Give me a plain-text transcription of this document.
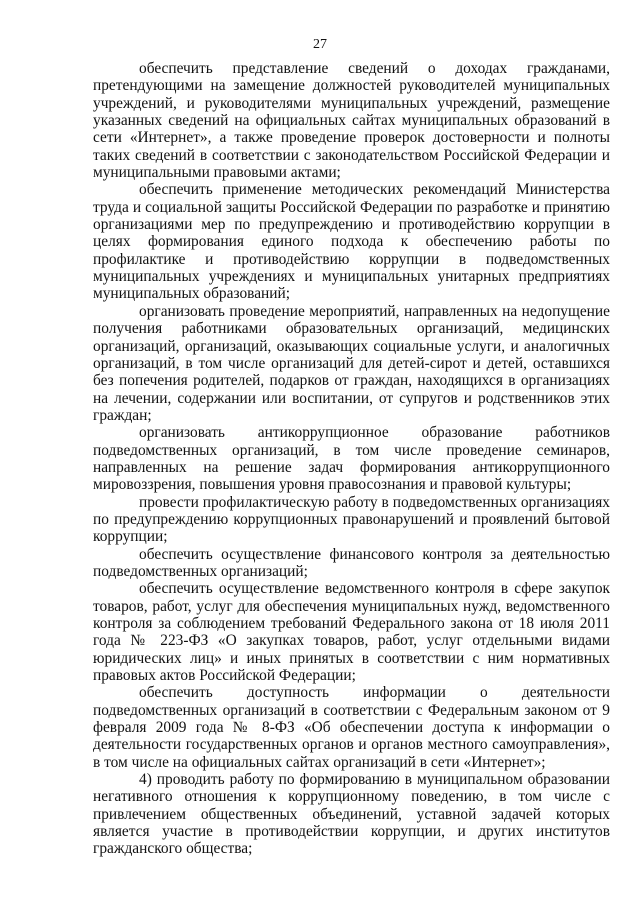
27

обеспечить представление сведений о доходах гражданами, претендующими на замещение должностей руководителей муниципальных учреждений, и руководителями муниципальных учреждений, размещение указанных сведений на официальных сайтах муниципальных образований в сети «Интернет», а также проведение проверок достоверности и полноты таких сведений в соответствии с законодательством Российской Федерации и муниципальными правовыми актами;

обеспечить применение методических рекомендаций Министерства труда и социальной защиты Российской Федерации по разработке и принятию организациями мер по предупреждению и противодействию коррупции в целях формирования единого подхода к обеспечению работы по профилактике и противодействию коррупции в подведомственных муниципальных учреждениях и муниципальных унитарных предприятиях муниципальных образований;

организовать проведение мероприятий, направленных на недопущение получения работниками образовательных организаций, медицинских организаций, организаций, оказывающих социальные услуги, и аналогичных организаций, в том числе организаций для детей-сирот и детей, оставшихся без попечения родителей, подарков от граждан, находящихся в организациях на лечении, содержании или воспитании, от супругов и родственников этих граждан;

организовать антикоррупционное образование работников подведомственных организаций, в том числе проведение семинаров, направленных на решение задач формирования антикоррупционного мировоззрения, повышения уровня правосознания и правовой культуры;

провести профилактическую работу в подведомственных организациях по предупреждению коррупционных правонарушений и проявлений бытовой коррупции;

обеспечить осуществление финансового контроля за деятельностью подведомственных организаций;

обеспечить осуществление ведомственного контроля в сфере закупок товаров, работ, услуг для обеспечения муниципальных нужд, ведомственного контроля за соблюдением требований Федерального закона от 18 июля 2011 года № 223-ФЗ «О закупках товаров, работ, услуг отдельными видами юридических лиц» и иных принятых в соответствии с ним нормативных правовых актов Российской Федерации;

обеспечить доступность информации о деятельности подведомственных организаций в соответствии с Федеральным законом от 9 февраля 2009 года № 8-ФЗ «Об обеспечении доступа к информации о деятельности государственных органов и органов местного самоуправления», в том числе на официальных сайтах организаций в сети «Интернет»;

4) проводить работу по формированию в муниципальном образовании негативного отношения к коррупционному поведению, в том числе с привлечением общественных объединений, уставной задачей которых является участие в противодействии коррупции, и других институтов гражданского общества;
